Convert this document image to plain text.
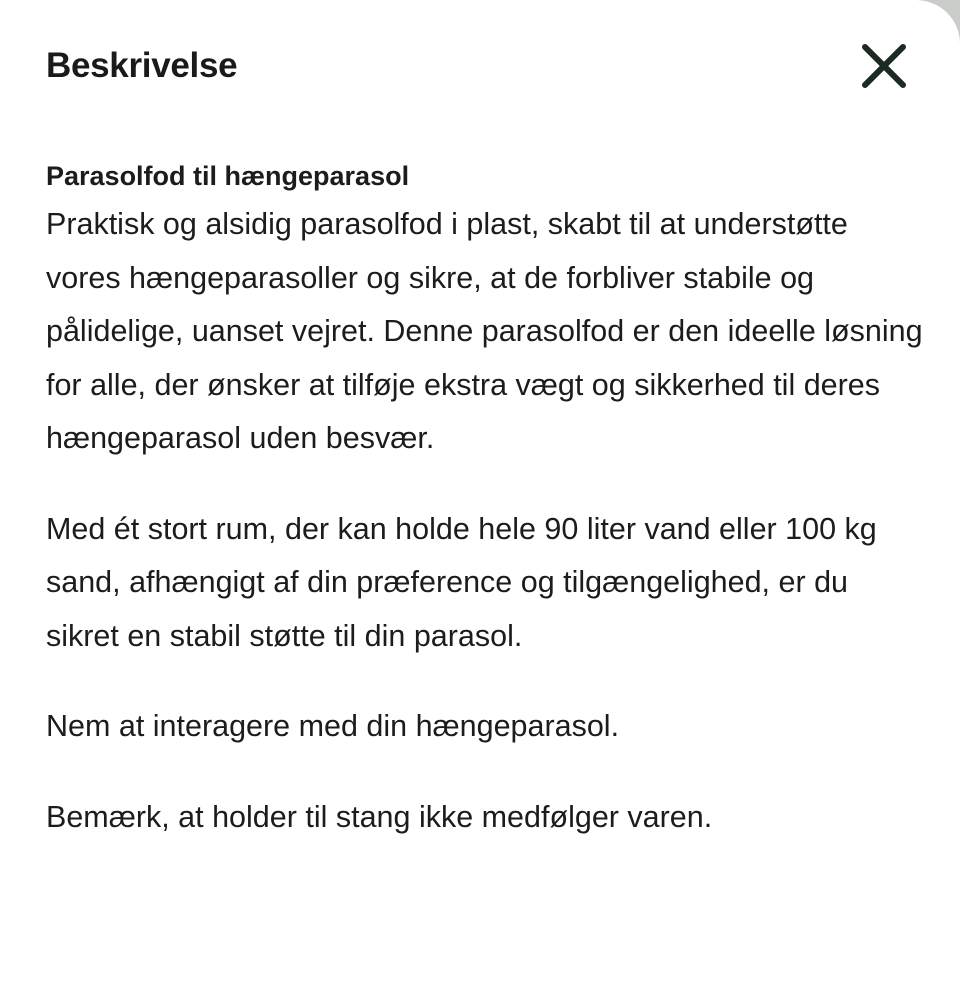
Beskrivelse
Parasolfod til hængeparasol

Praktisk og alsidig parasolfod i plast, skabt til at understøtte vores hængeparasoller og sikre, at de forbliver stabile og pålidelige, uanset vejret. Denne parasolfod er den ideelle løsning for alle, der ønsker at tilføje ekstra vægt og sikkerhed til deres hængeparasol uden besvær.

Med ét stort rum, der kan holde hele 90 liter vand eller 100 kg sand, afhængigt af din præference og tilgængelighed, er du sikret en stabil støtte til din parasol.

Nem at interagere med din hængeparasol.

Bemærk, at holder til stang ikke medfølger varen.
